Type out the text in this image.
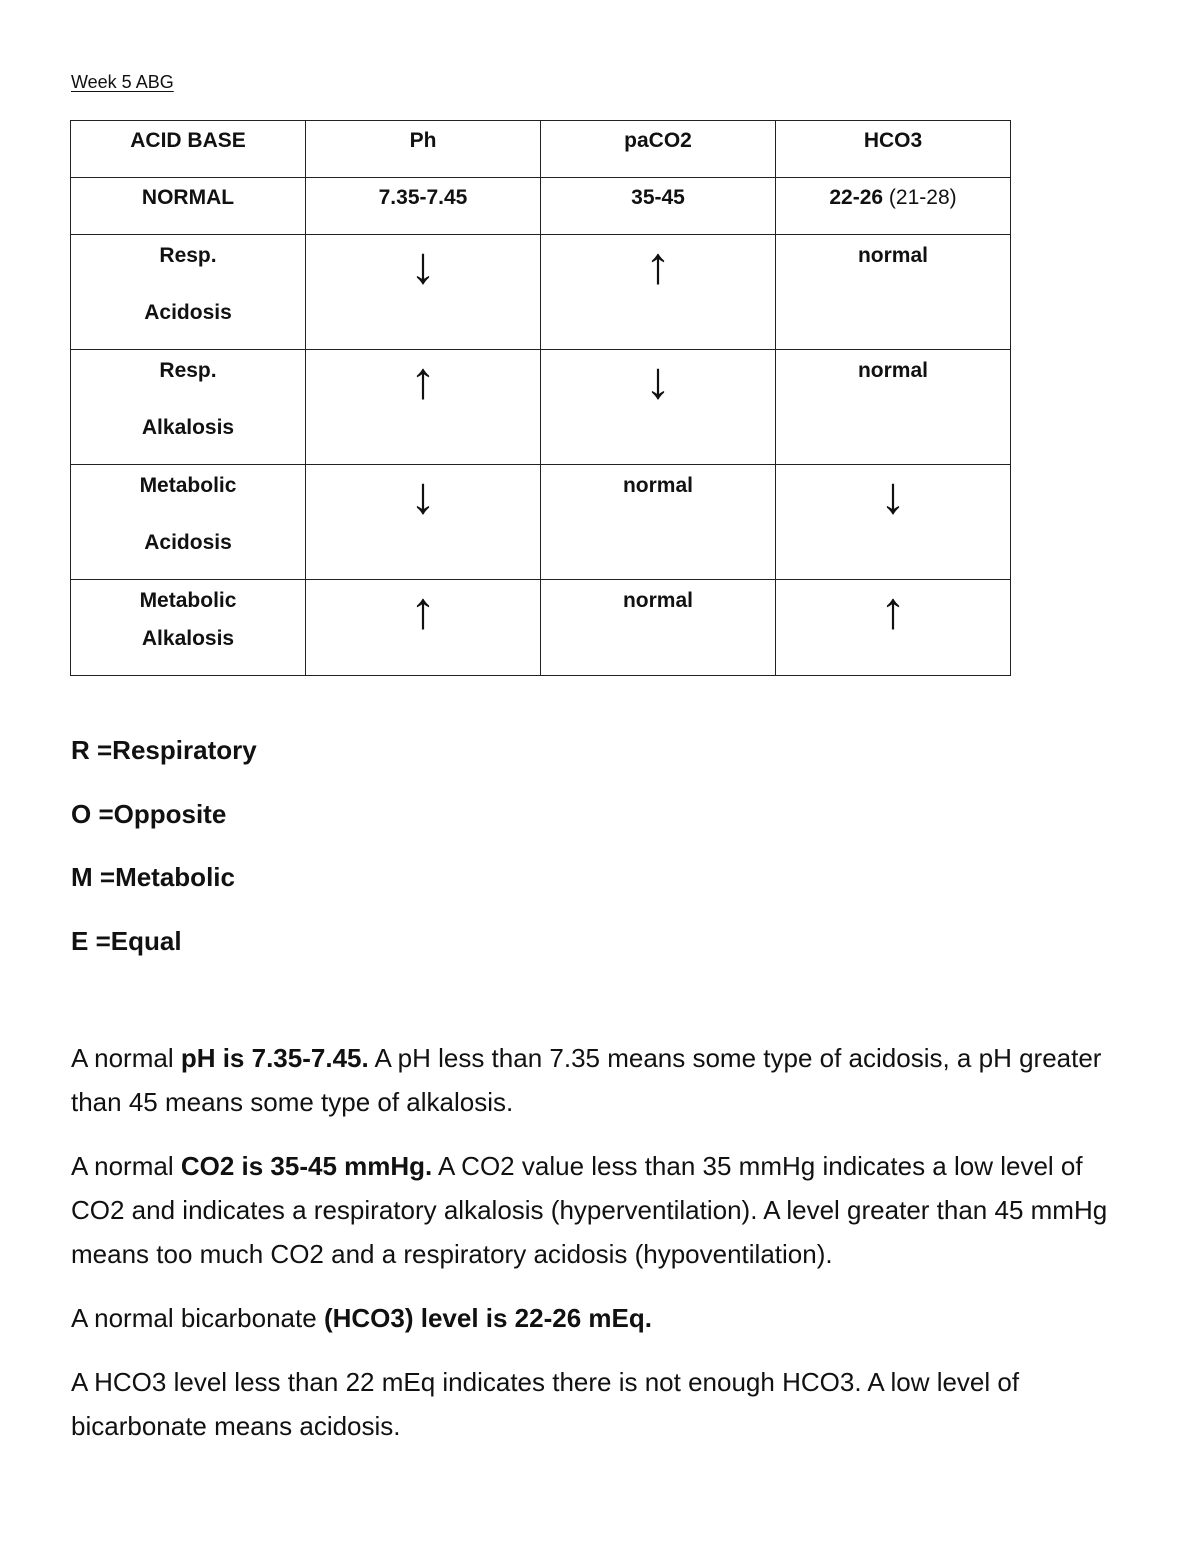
Week 5 ABG
ACID BASE	Ph	paCO2	HCO3
NORMAL	7.35-7.45	35-45	22-26 (21-28)

Resp.
Acidosis	↓	↑	normal

Resp.
Alkalosis	↑	↓	normal

Metabolic
Acidosis	↓	normal	↓

Metabolic
Alkalosis	↑	normal	↑
R =Respiratory
O =Opposite
M =Metabolic
E =Equal

A normal pH is 7.35-7.45. A pH less than 7.35 means some type of acidosis, a pH greater than 45 means some type of alkalosis.

A normal CO2 is 35-45 mmHg. A CO2 value less than 35 mmHg indicates a low level of CO2 and indicates a respiratory alkalosis (hyperventilation). A level greater than 45 mmHg means too much CO2 and a respiratory acidosis (hypoventilation).

A normal bicarbonate (HCO3) level is 22-26 mEq.

A HCO3 level less than 22 mEq indicates there is not enough HCO3. A low level of bicarbonate means acidosis.
